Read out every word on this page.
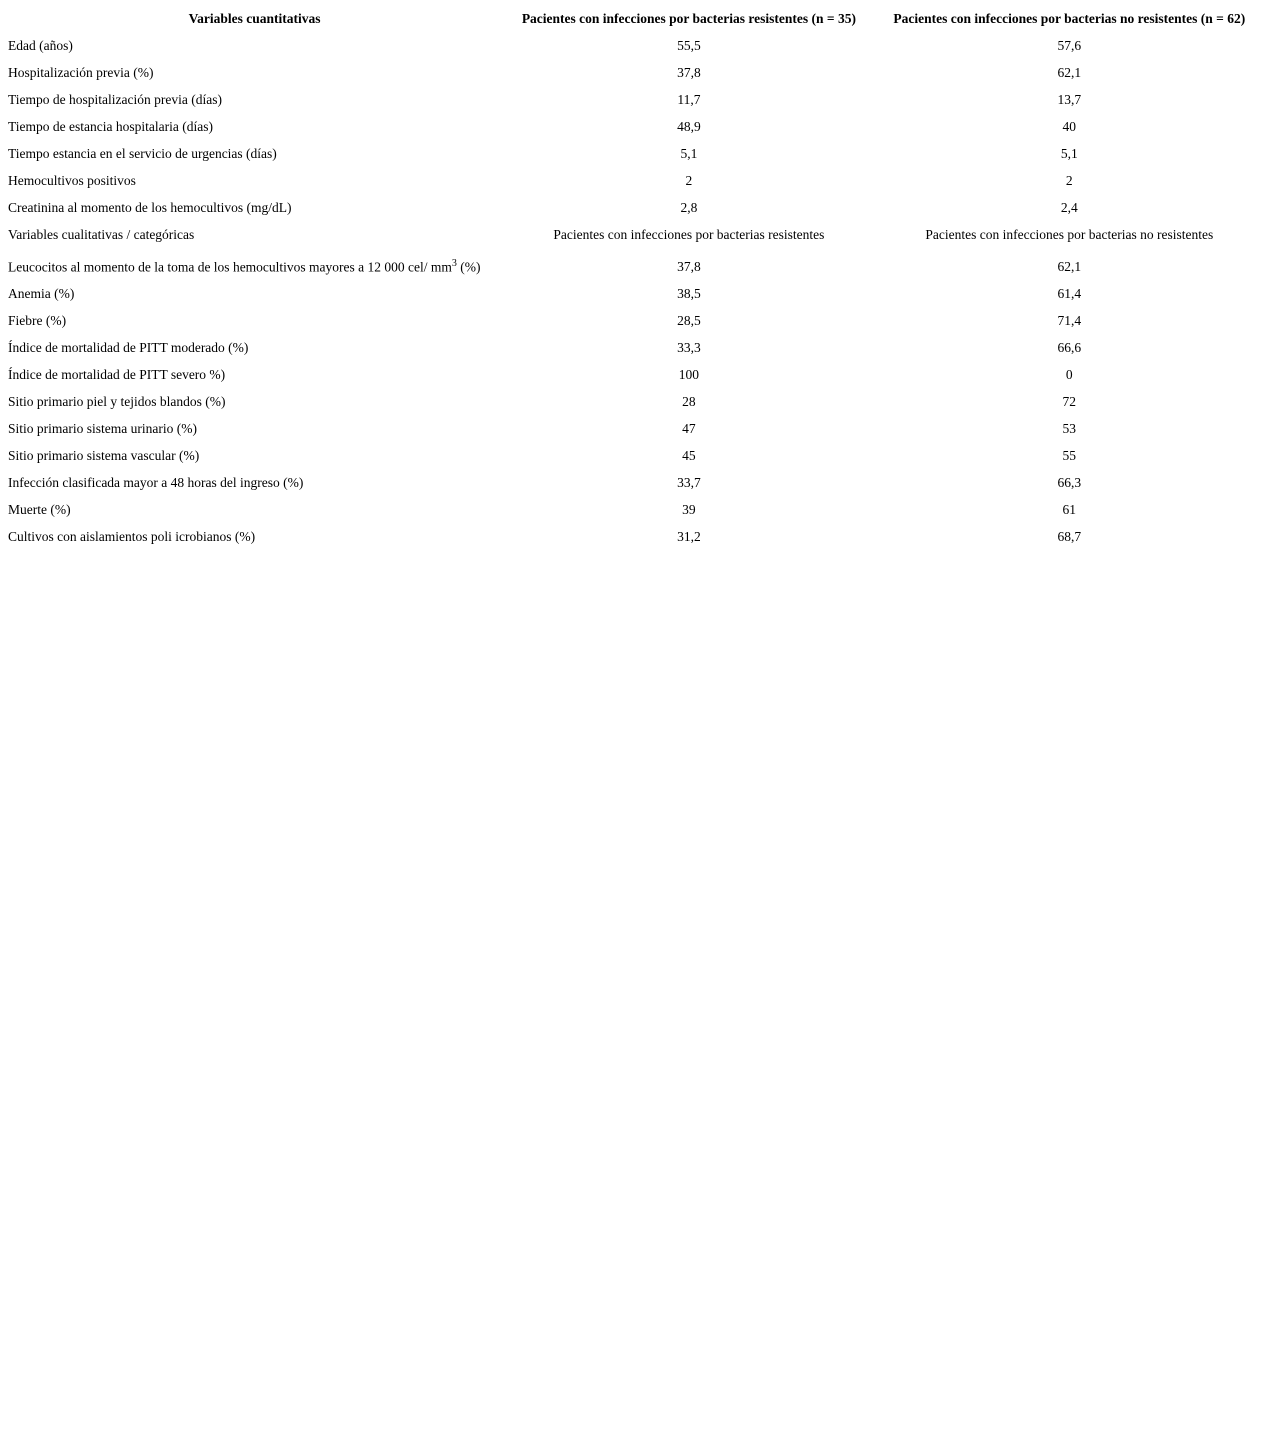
Variables cuantitativas	Pacientes con infecciones por bacterias resistentes (n = 35)	Pacientes con infecciones por bacterias no resistentes (n = 62)
Edad (años)	55,5	57,6
Hospitalización previa (%)	37,8	62,1
Tiempo de hospitalización previa (días)	11,7	13,7
Tiempo de estancia hospitalaria (días)	48,9	40
Tiempo estancia en el servicio de urgencias (días)	5,1	5,1
Hemocultivos positivos	2	2
Creatinina al momento de los hemocultivos (mg/dL)	2,8	2,4
Variables cualitativas / categóricas	Pacientes con infecciones por bacterias resistentes	Pacientes con infecciones por bacterias no resistentes
Leucocitos al momento de la toma de los hemocultivos mayores a 12 000 cel/ $mm^3$ (%)	37,8	62,1
Anemia (%)	38,5	61,4
Fiebre (%)	28,5	71,4
Índice de mortalidad de PITT moderado (%)	33,3	66,6
Índice de mortalidad de PITT severo %)	100	0
Sitio primario piel y tejidos blandos (%)	28	72
Sitio primario sistema urinario (%)	47	53
Sitio primario sistema vascular (%)	45	55
Infección clasificada mayor a 48 horas del ingreso (%)	33,7	66,3
Muerte (%)	39	61
Cultivos con aislamientos poli icrobianos (%)	31,2	68,7
